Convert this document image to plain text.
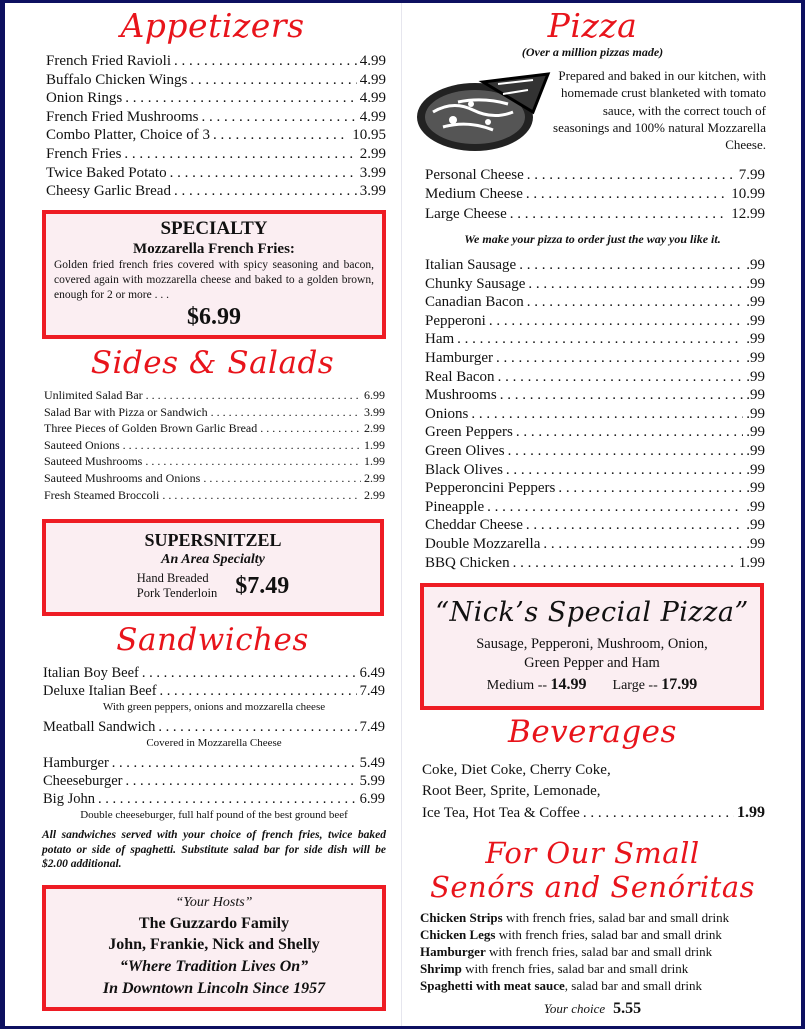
Appetizers
French Fried Ravioli . . .	4.99
Buffalo Chicken Wings . . .	4.99
Onion Rings . . .	4.99
French Fried Mushrooms . . .	4.99
Combo Platter, Choice of 3 . . .	10.95
French Fries . . .	2.99
Twice Baked Potato . . .	3.99
Cheesy Garlic Bread . . .	3.99
SPECIALTY
Mozzarella French Fries:
Golden fried french fries covered with spicy seasoning and bacon, covered again with mozzarella cheese and baked to a golden brown, enough for 2 or more . . .
$6.99
Sides & Salads
Unlimited Salad Bar . . .	6.99
Salad Bar with Pizza or Sandwich . . .	3.99
Three Pieces of Golden Brown Garlic Bread . . .	2.99
Sauteed Onions . . .	1.99
Sauteed Mushrooms . . .	1.99
Sauteed Mushrooms and Onions . . .	2.99
Fresh Steamed Broccoli . . .	2.99
SUPERSNITZEL
An Area Specialty
Hand Breaded
Pork Tenderloin $7.49
Sandwiches
Italian Boy Beef . . .	6.49
Deluxe Italian Beef . . .	7.49
With green peppers, onions and mozzarella cheese
Meatball Sandwich . . .	7.49
Covered in Mozzarella Cheese
Hamburger . . .	5.49
Cheeseburger . . .	5.99
Big John . . .	6.99
Double cheeseburger, full half pound of the best ground beef
All sandwiches served with your choice of french fries, twice baked potato or side of spaghetti. Substitute salad bar for side dish will be $2.00 additional.
“Your Hosts”
The Guzzardo Family
John, Frankie, Nick and Shelly
“Where Tradition Lives On”
In Downtown Lincoln Since 1957
Pizza
(Over a million pizzas made)
Prepared and baked in our kitchen, with homemade crust blanketed with tomato sauce, with the correct touch of seasonings and 100% natural Mozzarella Cheese.
Personal Cheese . . .	7.99
Medium Cheese . . .	10.99
Large Cheese . . .	12.99
We make your pizza to order just the way you like it.
Italian Sausage . . .	.99
Chunky Sausage . . .	.99
Canadian Bacon . . .	.99
Pepperoni . . .	.99
Ham . . .	.99
Hamburger . . .	.99
Real Bacon . . .	.99
Mushrooms . . .	.99
Onions . . .	.99
Green Peppers . . .	.99
Green Olives . . .	.99
Black Olives . . .	.99
Pepperoncini Peppers . . .	.99
Pineapple . . .	.99
Cheddar Cheese . . .	.99
Double Mozzarella . . .	.99
BBQ Chicken . . .	1.99
“Nick’s Special Pizza”
Sausage, Pepperoni, Mushroom, Onion,
Green Pepper and Ham
Medium -- 14.99 Large -- 17.99
Beverages
Coke, Diet Coke, Cherry Coke,
Root Beer, Sprite, Lemonade,
Ice Tea, Hot Tea & Coffee . . .	1.99
For Our Small
Senórs and Senóritas
Chicken Strips with french fries, salad bar and small drink
Chicken Legs with french fries, salad bar and small drink
Hamburger with french fries, salad bar and small drink
Shrimp with french fries, salad bar and small drink
Spaghetti with meat sauce, salad bar and small drink
Your choice 5.55
